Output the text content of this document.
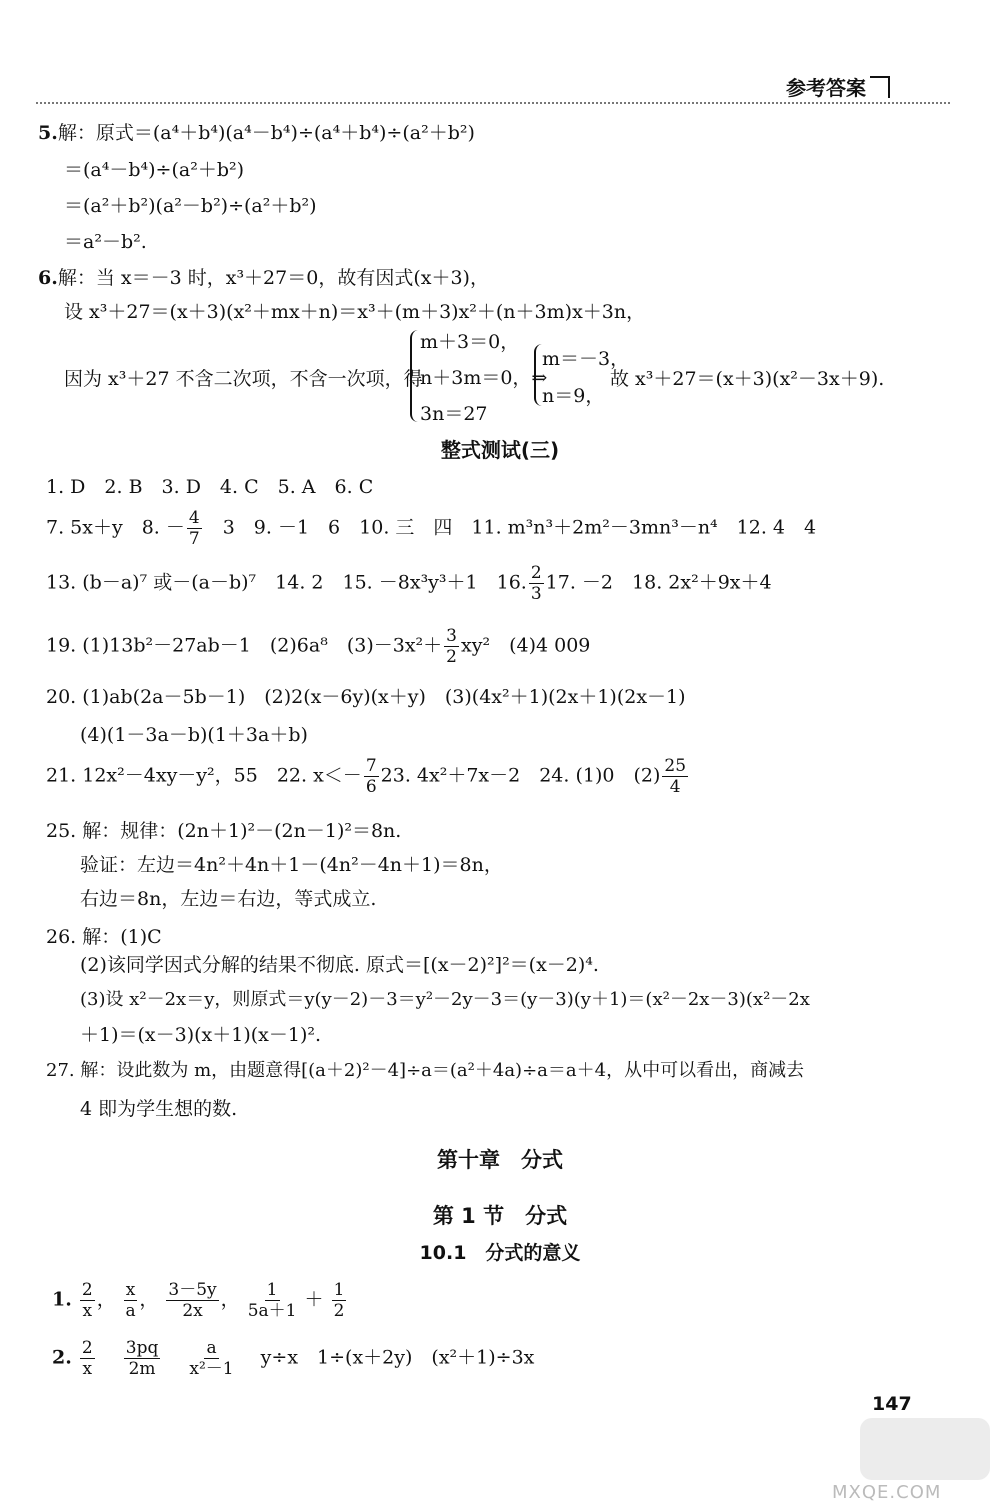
参考答案
5.解：原式＝(a⁴＋b⁴)(a⁴－b⁴)÷(a⁴＋b⁴)÷(a²＋b²)
＝(a⁴－b⁴)÷(a²＋b²)
＝(a²＋b²)(a²－b²)÷(a²＋b²)
＝a²－b².
6.解：当 x＝－3 时，x³＋27＝0，故有因式(x＋3)，
设 x³＋27＝(x＋3)(x²＋mx＋n)＝x³＋(m＋3)x²＋(n＋3m)x＋3n，
因为 x³＋27 不含二次项，不含一次项，得
m＋3＝0，
n＋3m＝0，⇒
3n＝27
m＝－3，
n＝9，
故 x³＋27＝(x＋3)(x²－3x＋9).
整式测试(三)
1. D　2. B　3. D　4. C　5. A　6. C
7. 5x＋y　8. － $\frac{4}{7}$ 　3　9. －1　6　10. 三　四　11. m³n³＋2m²－3mn³－n⁴　12. 4　4
13. (b－a)⁷ 或－(a－b)⁷　14. 2　15. －8x³y³＋1　16. $\frac{2}{3} 17$. －2　18. 2x²＋9x＋4
19. (1)13b²－27ab－1　(2)6a⁸　$(3)-3x^2+ \frac{3}{2} xy^2$　(4)4 009
20. (1)ab(2a－5b－1)　(2)2(x－6y)(x＋y)　(3)(4x²＋1)(2x＋1)(2x－1)
(4)(1－3a－b)(1＋3a＋b)
21. 12x²－4xy－y²，55　22. $x<- \frac{7}{6} 23$. 4x²＋7x－2　24. (1)0　$(2) \frac{25}{4}$
25. 解：规律：(2n＋1)²－(2n－1)²＝8n.
验证：左边＝4n²＋4n＋1－(4n²－4n＋1)＝8n，
右边＝8n，左边＝右边，等式成立.
26. 解：(1)C
(2)该同学因式分解的结果不彻底. 原式＝[(x－2)²]²＝(x－2)⁴.
(3)设 x²－2x＝y，则原式＝y(y－2)－3＝y²－2y－3＝(y－3)(y＋1)＝(x²－2x－3)(x²－2x
＋1)＝(x－3)(x＋1)(x－1)².
27. 解：设此数为 m，由题意得[(a＋2)²－4]÷a＝(a²＋4a)÷a＝a＋4，从中可以看出，商减去
4 即为学生想的数.
第十章　分式
第 1 节　分式
10.1　分式的意义
1. $\frac{2}{x}$ ， $\frac{x}{a}$ ， $\frac{3-5y}{2x}$ ， $\frac{1}{5a+1} + \frac{1}{2}$
2. $\frac{2}{x}$
　 $\frac{3pq}{2m}$
　 $\frac{a}{\text{x²－1}}$
　 y÷x　1÷(x＋2y)　(x²＋1)÷3x
147
MXQE.COM
